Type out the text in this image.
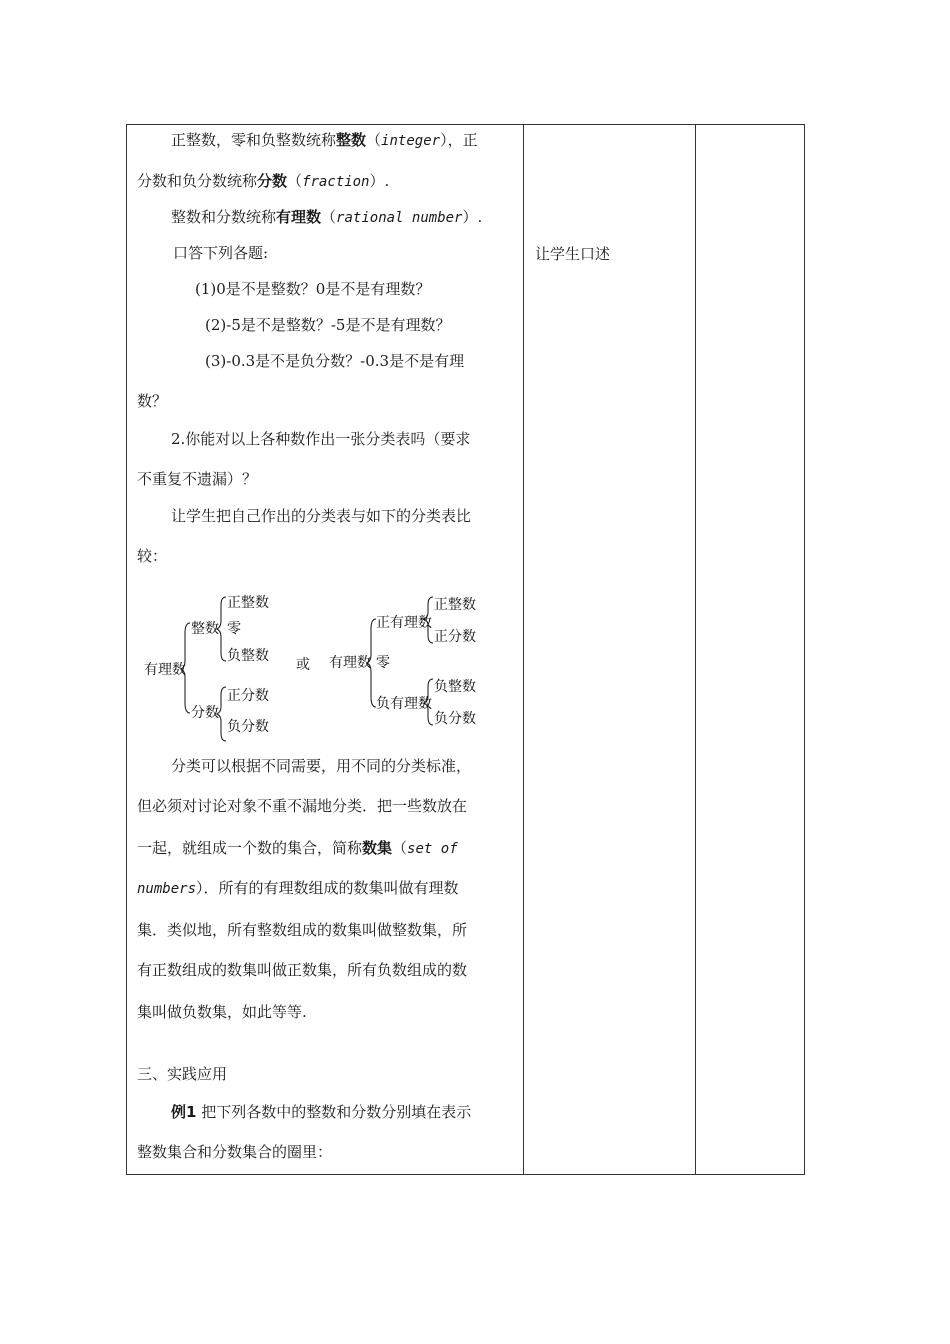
正整数，零和负整数统称整数（integer），正
分数和负分数统称分数（fraction）.
整数和分数统称有理数（rational number）.
口答下列各题:
(1)0是不是整数？0是不是有理数？
(2)-5是不是整数？-5是不是有理数？
(3)-0.3是不是负分数？-0.3是不是有理
数？
2.你能对以上各种数作出一张分类表吗（要求
不重复不遗漏）？
让学生把自己作出的分类表与如下的分类表比
较：
分类可以根据不同需要，用不同的分类标准，
但必须对讨论对象不重不漏地分类．把一些数放在
一起，就组成一个数的集合，简称数集（set of
numbers）．所有的有理数组成的数集叫做有理数
集．类似地，所有整数组成的数集叫做整数集，所
有正数组成的数集叫做正数集，所有负数组成的数
集叫做负数集，如此等等.
三、实践应用
例1 把下列各数中的整数和分数分别填在表示
整数集合和分数集合的圈里：
让学生口述
有理数
整数
正整数
零
负整数
分数
正分数
负分数
或 有理数
正有理数
正整数
正分数
零
负有理数
负整数
负分数
